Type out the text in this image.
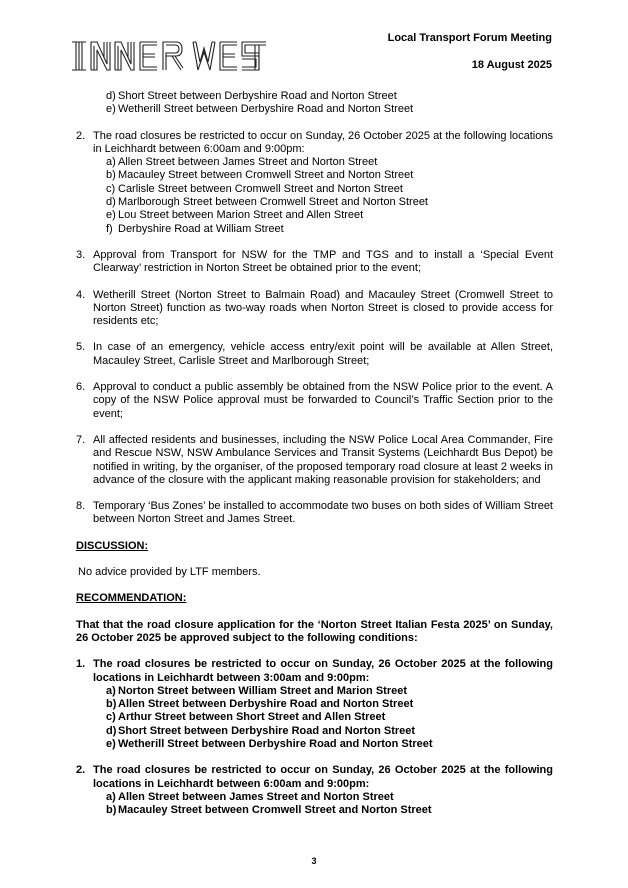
INNER WEST	Local Transport Forum Meeting
18 August 2025
d) Short Street between Derbyshire Road and Norton Street
e) Wetherill Street between Derbyshire Road and Norton Street
2. The road closures be restricted to occur on Sunday, 26 October 2025 at the following locations in Leichhardt between 6:00am and 9:00pm:
a) Allen Street between James Street and Norton Street
b) Macauley Street between Cromwell Street and Norton Street
c) Carlisle Street between Cromwell Street and Norton Street
d) Marlborough Street between Cromwell Street and Norton Street
e) Lou Street between Marion Street and Allen Street
f) Derbyshire Road at William Street
3. Approval from Transport for NSW for the TMP and TGS and to install a ‘Special Event Clearway’ restriction in Norton Street be obtained prior to the event;
4. Wetherill Street (Norton Street to Balmain Road) and Macauley Street (Cromwell Street to Norton Street) function as two-way roads when Norton Street is closed to provide access for residents etc;
5. In case of an emergency, vehicle access entry/exit point will be available at Allen Street, Macauley Street, Carlisle Street and Marlborough Street;
6. Approval to conduct a public assembly be obtained from the NSW Police prior to the event. A copy of the NSW Police approval must be forwarded to Council’s Traffic Section prior to the event;
7. All affected residents and businesses, including the NSW Police Local Area Commander, Fire and Rescue NSW, NSW Ambulance Services and Transit Systems (Leichhardt Bus Depot) be notified in writing, by the organiser, of the proposed temporary road closure at least 2 weeks in advance of the closure with the applicant making reasonable provision for stakeholders; and
8. Temporary ‘Bus Zones’ be installed to accommodate two buses on both sides of William Street between Norton Street and James Street.
DISCUSSION:
No advice provided by LTF members.
RECOMMENDATION:
That that the road closure application for the ‘Norton Street Italian Festa 2025’ on Sunday, 26 October 2025 be approved subject to the following conditions:
1. The road closures be restricted to occur on Sunday, 26 October 2025 at the following locations in Leichhardt between 3:00am and 9:00pm:
a) Norton Street between William Street and Marion Street
b) Allen Street between Derbyshire Road and Norton Street
c) Arthur Street between Short Street and Allen Street
d) Short Street between Derbyshire Road and Norton Street
e) Wetherill Street between Derbyshire Road and Norton Street
2. The road closures be restricted to occur on Sunday, 26 October 2025 at the following locations in Leichhardt between 6:00am and 9:00pm:
a) Allen Street between James Street and Norton Street
b) Macauley Street between Cromwell Street and Norton Street
3
